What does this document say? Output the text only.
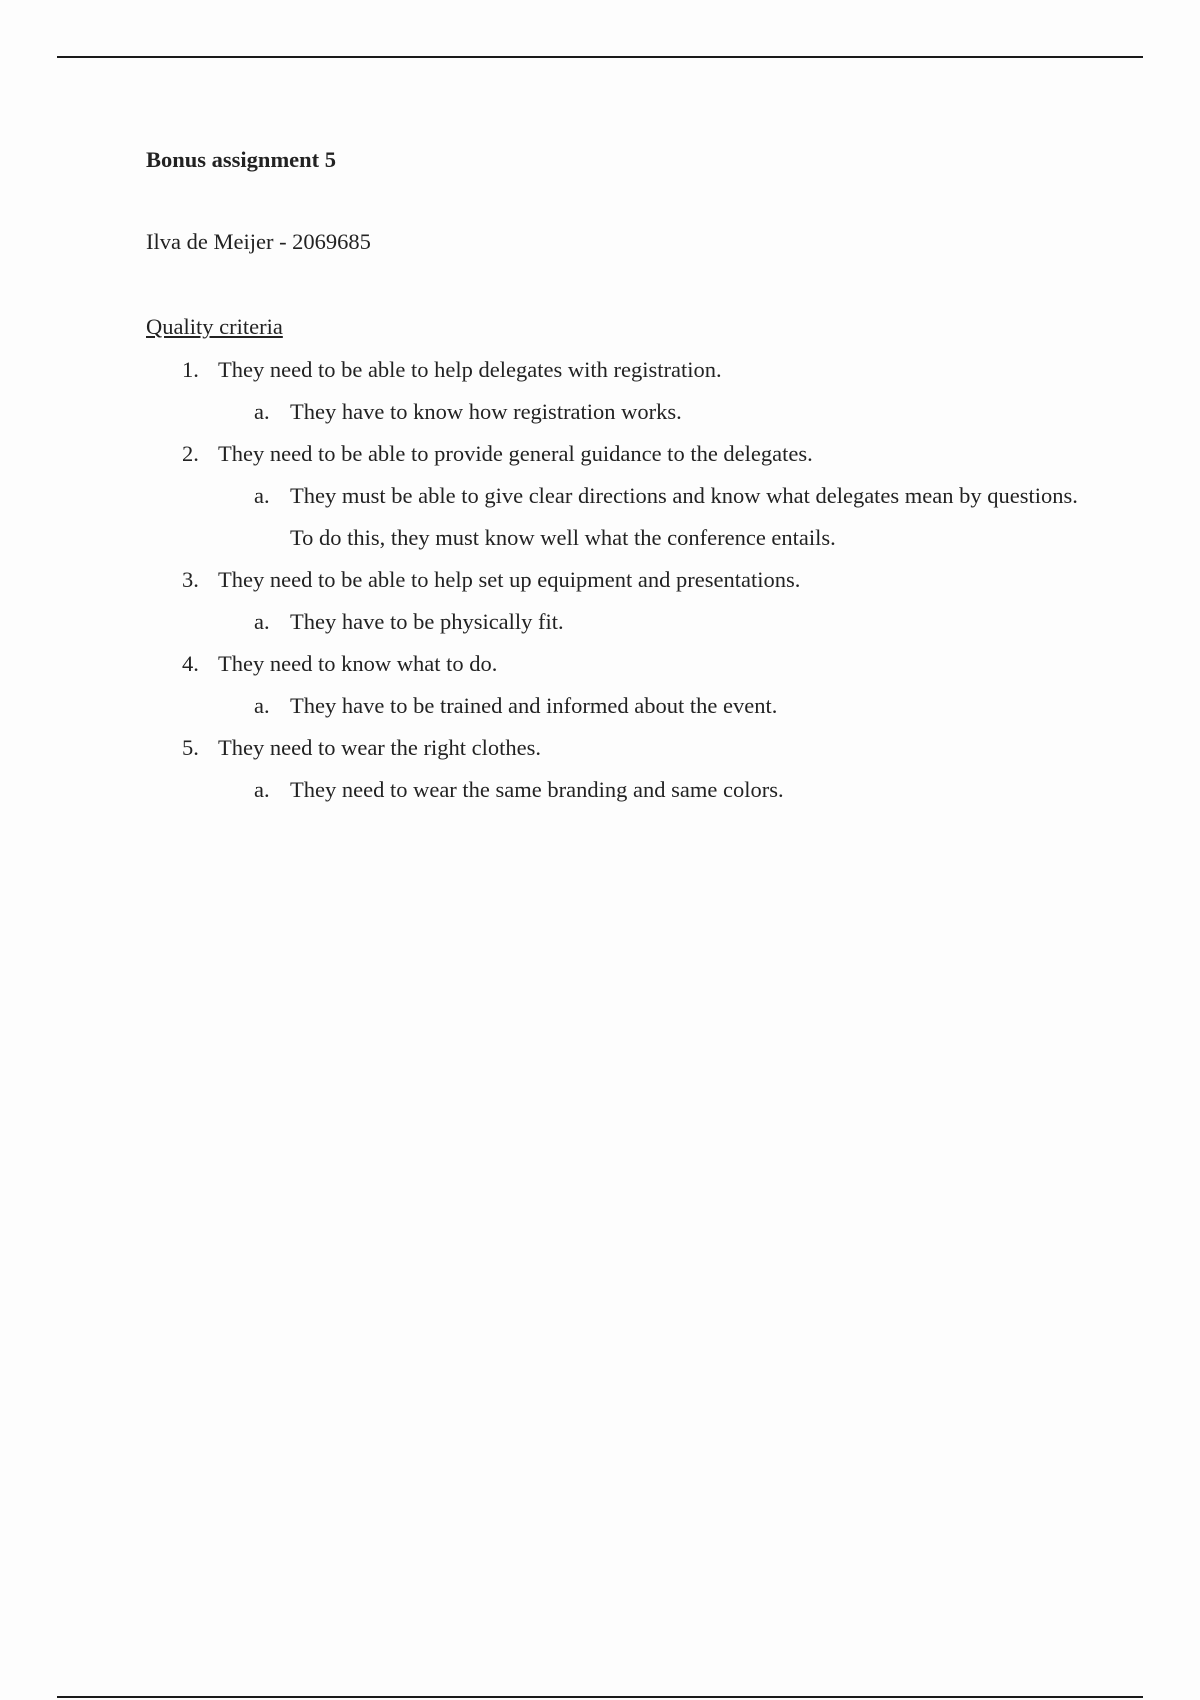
Bonus assignment 5

Ilva de Meijer - 2069685

Quality criteria

1. They need to be able to help delegates with registration.
a. They have to know how registration works.
2. They need to be able to provide general guidance to the delegates.
a. They must be able to give clear directions and know what delegates mean by questions. To do this, they must know well what the conference entails.
3. They need to be able to help set up equipment and presentations.
a. They have to be physically fit.
4. They need to know what to do.
a. They have to be trained and informed about the event.
5. They need to wear the right clothes.
a. They need to wear the same branding and same colors.
